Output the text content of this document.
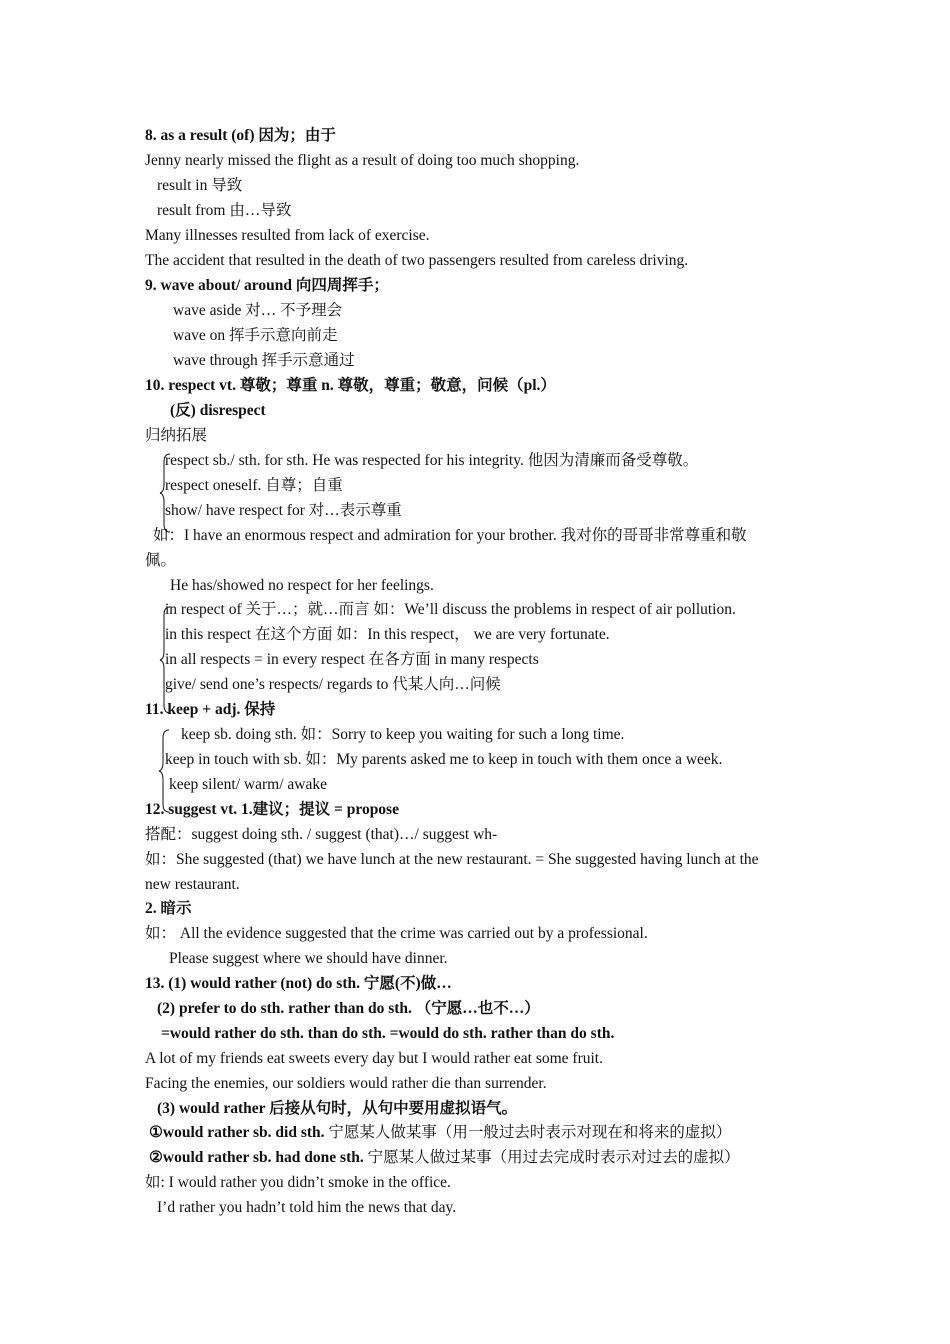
8. as a result (of) 因为；由于
Jenny nearly missed the flight as a result of doing too much shopping.
result in 导致
result from 由…导致
Many illnesses resulted from lack of exercise.
The accident that resulted in the death of two passengers resulted from careless driving.
9. wave about/ around 向四周挥手；
wave aside 对… 不予理会
wave on 挥手示意向前走
wave through 挥手示意通过
10. respect vt. 尊敬；尊重 n. 尊敬，尊重；敬意，问候（pl.）
(反) disrespect
归纳拓展
respect sb./ sth. for sth. He was respected for his integrity. 他因为清廉而备受尊敬。
respect oneself. 自尊；自重
show/ have respect for 对…表示尊重
如：I have an enormous respect and admiration for your brother. 我对你的哥哥非常尊重和敬
佩。
He has/showed no respect for her feelings.
in respect of 关于…；就…而言 如：We’ll discuss the problems in respect of air pollution.
in this respect 在这个方面 如：In this respect， we are very fortunate.
in all respects = in every respect 在各方面 in many respects
give/ send one’s respects/ regards to 代某人向…问候
11. keep + adj. 保持
keep sb. doing sth. 如：Sorry to keep you waiting for such a long time.
keep in touch with sb. 如：My parents asked me to keep in touch with them once a week.
keep silent/ warm/ awake
12. suggest vt. 1.建议；提议 = propose
搭配：suggest doing sth. / suggest (that)…/ suggest wh-
如：She suggested (that) we have lunch at the new restaurant. = She suggested having lunch at the
new restaurant.
2. 暗示
如： All the evidence suggested that the crime was carried out by a professional.
Please suggest where we should have dinner.
13. (1) would rather (not) do sth. 宁愿(不)做…
(2) prefer to do sth. rather than do sth. （宁愿…也不…）
=would rather do sth. than do sth. =would do sth. rather than do sth.
A lot of my friends eat sweets every day but I would rather eat some fruit.
Facing the enemies, our soldiers would rather die than surrender.
(3) would rather 后接从句时，从句中要用虚拟语气。
①would rather sb. did sth. 宁愿某人做某事（用一般过去时表示对现在和将来的虚拟）
②would rather sb. had done sth. 宁愿某人做过某事（用过去完成时表示对过去的虚拟）
如: I would rather you didn’t smoke in the office.
I’d rather you hadn’t told him the news that day.
